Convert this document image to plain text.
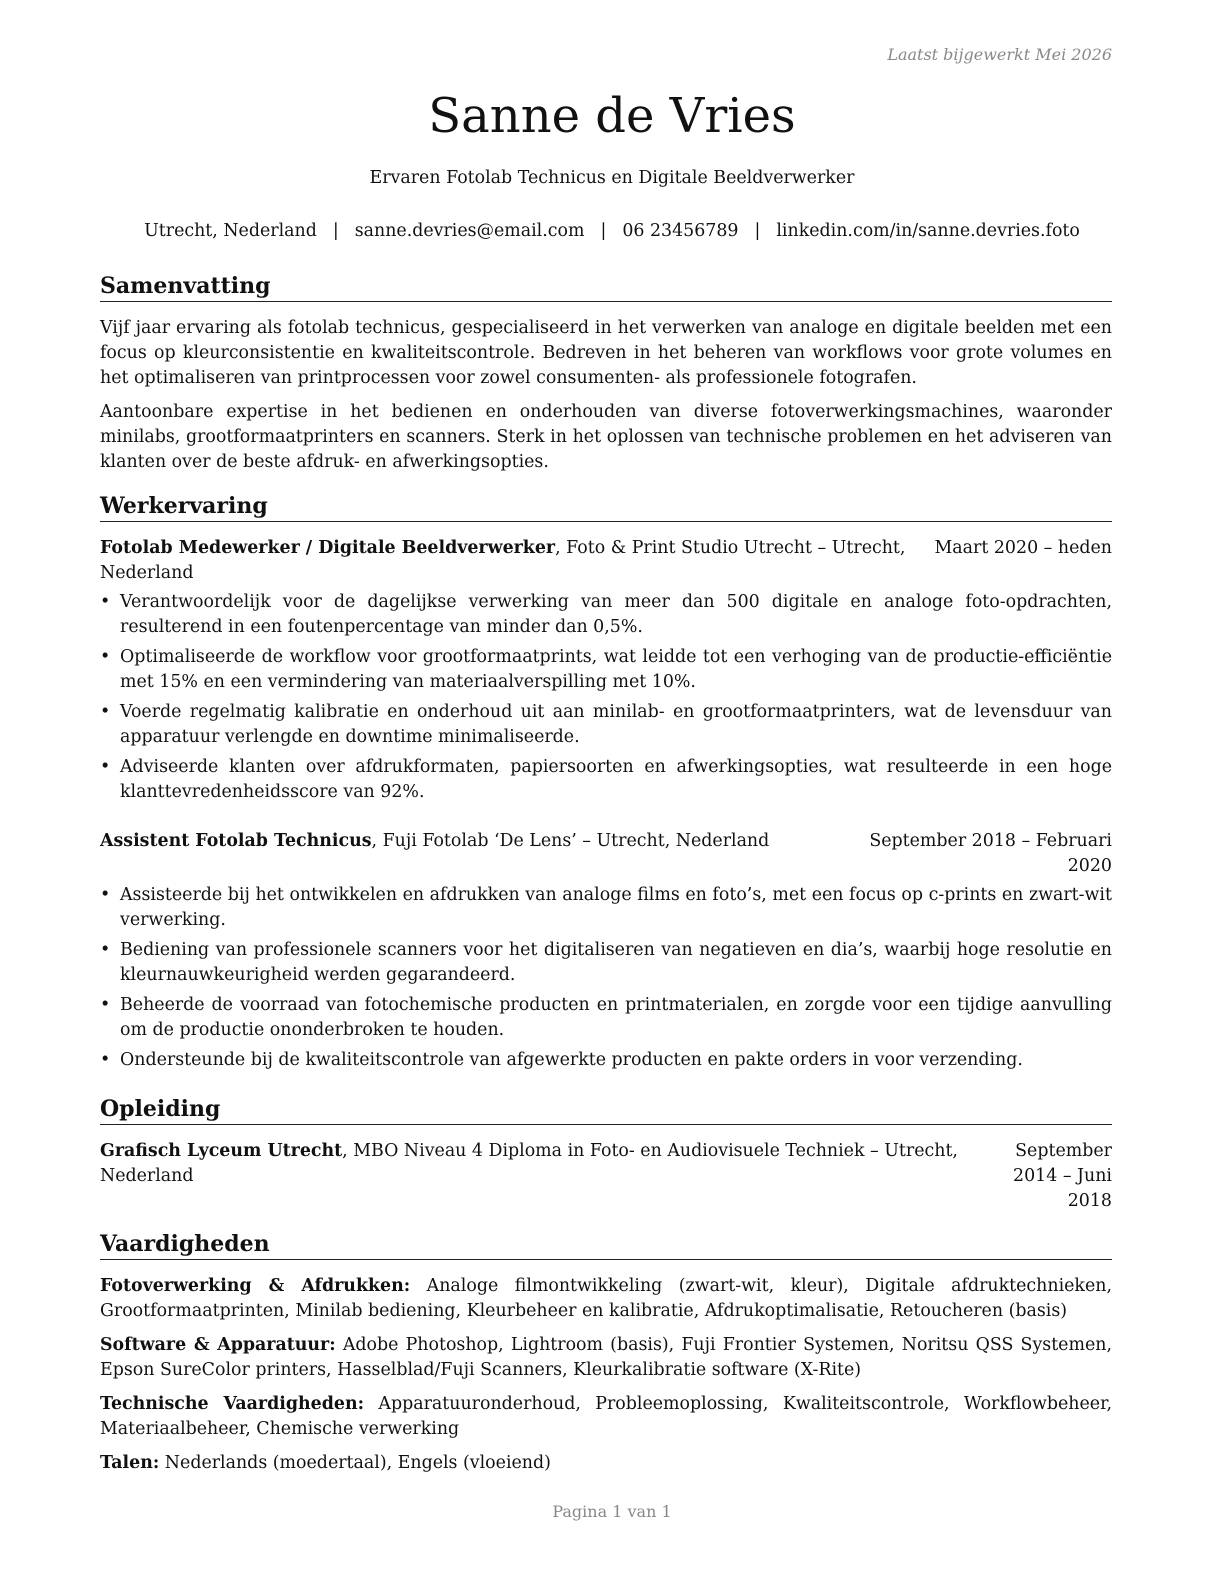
Laatst bijgewerkt Mei 2026
Sanne de Vries
Ervaren Fotolab Technicus en Digitale Beeldverwerker
Utrecht, Nederland | sanne.devries@email.com | 06 23456789 | linkedin.com/in/sanne.devries.foto
Samenvatting

Vijf jaar ervaring als fotolab technicus, gespecialiseerd in het verwerken van analoge en digitale beelden met een focus op kleurconsistentie en kwaliteitscontrole. Bedreven in het beheren van workflows voor grote volumes en het optimaliseren van printprocessen voor zowel consumenten- als professionele fotografen.

Aantoonbare expertise in het bedienen en onderhouden van diverse fotoverwerkingsmachines, waaronder minilabs, grootformaatprinters en scanners. Sterk in het oplossen van technische problemen en het adviseren van klanten over de beste afdruk- en afwerkingsopties.

Werkervaring
Fotolab Medewerker / Digitale Beeldverwerker, Foto & Print Studio Utrecht – Utrecht, Nederland
Maart 2020 – heden
• Verantwoordelijk voor de dagelijkse verwerking van meer dan 500 digitale en analoge foto-opdrachten, resulterend in een foutenpercentage van minder dan 0,5%.
• Optimaliseerde de workflow voor grootformaatprints, wat leidde tot een verhoging van de productie-efficiëntie met 15% en een vermindering van materiaalverspilling met 10%.
• Voerde regelmatig kalibratie en onderhoud uit aan minilab- en grootformaatprinters, wat de levensduur van apparatuur verlengde en downtime minimaliseerde.
• Adviseerde klanten over afdrukformaten, papiersoorten en afwerkingsopties, wat resulteerde in een hoge klanttevredenheidsscore van 92%.
Assistent Fotolab Technicus, Fuji Fotolab ‘De Lens’ – Utrecht, Nederland	September 2018 – Februari 2020
• Assisteerde bij het ontwikkelen en afdrukken van analoge films en foto’s, met een focus op c-prints en zwart-wit verwerking.
• Bediening van professionele scanners voor het digitaliseren van negatieven en dia’s, waarbij hoge resolutie en kleurnauwkeurigheid werden gegarandeerd.
• Beheerde de voorraad van fotochemische producten en printmaterialen, en zorgde voor een tijdige aanvulling om de productie ononderbroken te houden.
• Ondersteunde bij de kwaliteitscontrole van afgewerkte producten en pakte orders in voor verzending.
Opleiding
Grafisch Lyceum Utrecht, MBO Niveau 4 Diploma in Foto- en Audiovisuele Techniek – Utrecht, Nederland
September 2014 – Juni 2018
Vaardigheden
Fotoverwerking & Afdrukken: Analoge filmontwikkeling (zwart-wit, kleur), Digitale afdruktechnieken, Grootformaatprinten, Minilab bediening, Kleurbeheer en kalibratie, Afdrukoptimalisatie, Retoucheren (basis)
Software & Apparatuur: Adobe Photoshop, Lightroom (basis), Fuji Frontier Systemen, Noritsu QSS Systemen, Epson SureColor printers, Hasselblad/Fuji Scanners, Kleurkalibratie software (X-Rite)
Technische Vaardigheden: Apparatuuronderhoud, Probleemoplossing, Kwaliteitscontrole, Workflowbeheer, Materiaalbeheer, Chemische verwerking
Talen: Nederlands (moedertaal), Engels (vloeiend)
Pagina 1 van 1
